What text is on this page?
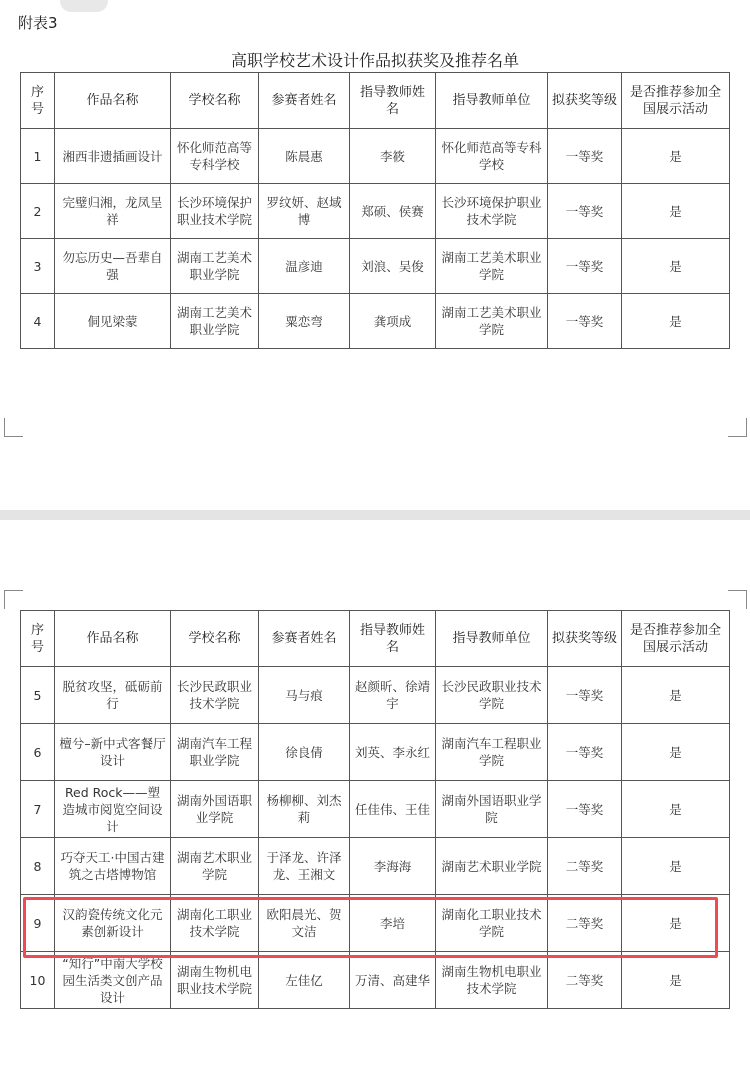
附表3
高职学校艺术设计作品拟获奖及推荐名单
序号	作品名称	学校名称	参赛者姓名	指导教师姓名	指导教师单位	拟获奖等级	是否推荐参加全国展示活动
1	湘西非遗插画设计	怀化师范高等专科学校	陈晨惠	李筱	怀化师范高等专科学校	一等奖	是
2	完璧归湘，龙凤呈祥	长沙环境保护职业技术学院	罗纹妍、赵域博	郑硕、侯赛	长沙环境保护职业技术学院	一等奖	是
3	勿忘历史—吾辈自强	湖南工艺美术职业学院	温彦迪	刘浪、吴俊	湖南工艺美术职业学院	一等奖	是
4	侗见梁蒙	湖南工艺美术职业学院	粟恋弯	龚项成	湖南工艺美术职业学院	一等奖	是
序号	作品名称	学校名称	参赛者姓名	指导教师姓名	指导教师单位	拟获奖等级	是否推荐参加全国展示活动
5	脱贫攻坚，砥砺前行	长沙民政职业技术学院	马与痕	赵颜昕、徐靖宇	长沙民政职业技术学院	一等奖	是
6	檀兮–新中式客餐厅设计	湖南汽车工程职业学院	徐良倩	刘英、李永红	湖南汽车工程职业学院	一等奖	是
7	Red Rock——塑造城市阅览空间设计	湖南外国语职业学院	杨柳柳、刘杰莉	任佳伟、王佳	湖南外国语职业学院	一等奖	是
8	巧夺天工·中国古建筑之古塔博物馆	湖南艺术职业学院	于泽龙、许泽龙、王湘文	李海海	湖南艺术职业学院	二等奖	是
9	汉韵瓷传统文化元素创新设计	湖南化工职业技术学院	欧阳晨光、贺文洁	李培	湖南化工职业技术学院	二等奖	是
10	“知行”中南大学校园生活类文创产品设计	湖南生物机电职业技术学院	左佳亿	万清、高建华	湖南生物机电职业技术学院	二等奖	是
